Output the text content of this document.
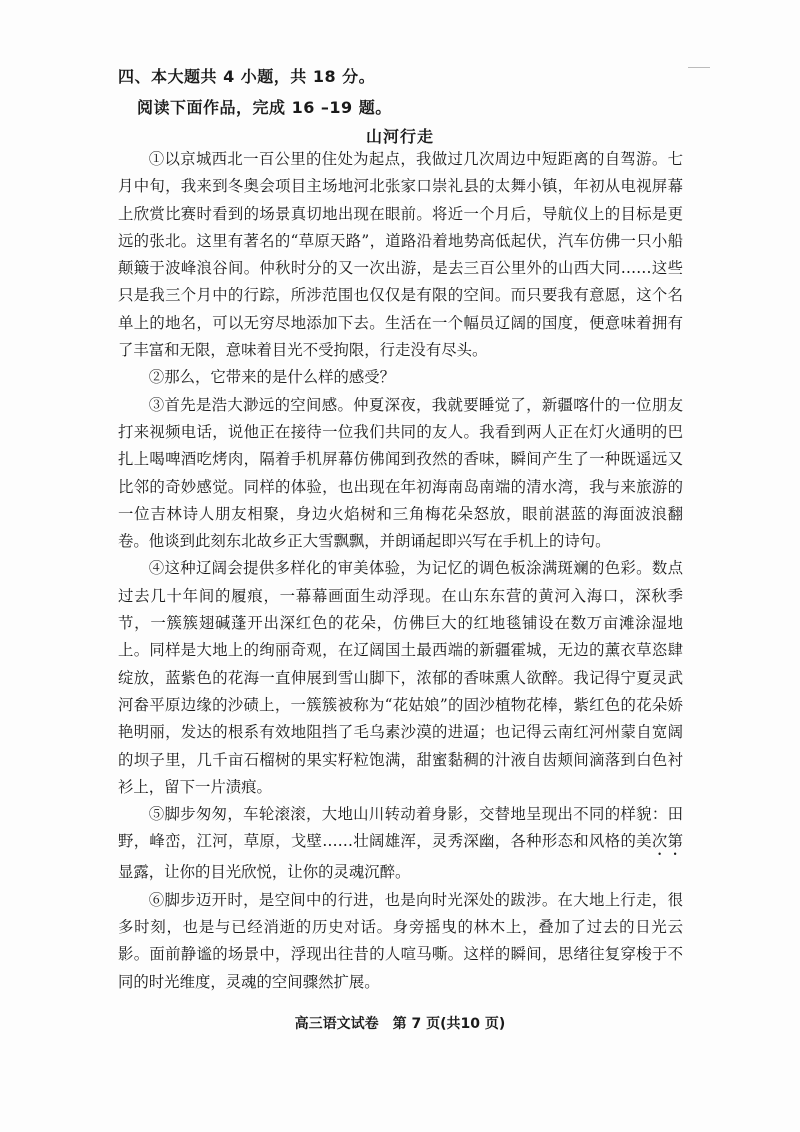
四、本大题共 4 小题，共 18 分。
阅读下面作品，完成 16 –19 题。
山河行走

①以京城西北一百公里的住处为起点，我做过几次周边中短距离的自驾游。七月中旬，我来到冬奥会项目主场地河北张家口崇礼县的太舞小镇，年初从电视屏幕上欣赏比赛时看到的场景真切地出现在眼前。将近一个月后，导航仪上的目标是更远的张北。这里有著名的“草原天路”，道路沿着地势高低起伏，汽车仿佛一只小船颠簸于波峰浪谷间。仲秋时分的又一次出游，是去三百公里外的山西大同……这些只是我三个月中的行踪，所涉范围也仅仅是有限的空间。而只要我有意愿，这个名单上的地名，可以无穷尽地添加下去。生活在一个幅员辽阔的国度，便意味着拥有了丰富和无限，意味着目光不受拘限，行走没有尽头。

②那么，它带来的是什么样的感受？

③首先是浩大渺远的空间感。仲夏深夜，我就要睡觉了，新疆喀什的一位朋友打来视频电话，说他正在接待一位我们共同的友人。我看到两人正在灯火通明的巴扎上喝啤酒吃烤肉，隔着手机屏幕仿佛闻到孜然的香味，瞬间产生了一种既遥远又比邻的奇妙感觉。同样的体验，也出现在年初海南岛南端的清水湾，我与来旅游的一位吉林诗人朋友相聚，身边火焰树和三角梅花朵怒放，眼前湛蓝的海面波浪翻卷。他谈到此刻东北故乡正大雪飘飘，并朗诵起即兴写在手机上的诗句。

④这种辽阔会提供多样化的审美体验，为记忆的调色板涂满斑斓的色彩。数点过去几十年间的履痕，一幕幕画面生动浮现。在山东东营的黄河入海口，深秋季节，一簇簇翅碱蓬开出深红色的花朵，仿佛巨大的红地毯铺设在数万亩滩涂湿地上。同样是大地上的绚丽奇观，在辽阔国土最西端的新疆霍城，无边的薰衣草恣肆绽放，蓝紫色的花海一直伸展到雪山脚下，浓郁的香味熏人欲醉。我记得宁夏灵武河畚平原边缘的沙碛上，一簇簇被称为“花姑娘”的固沙植物花棒，紫红色的花朵娇艳明丽，发达的根系有效地阻挡了毛乌素沙漠的进逼；也记得云南红河州蒙自宽阔的坝子里，几千亩石榴树的果实籽粒饱满，甜蜜黏稠的汁液自齿颊间滴落到白色衬衫上，留下一片渍痕。

⑤脚步匆匆，车轮滚滚，大地山川转动着身影，交替地呈现出不同的样貌：田野，峰峦，江河，草原，戈壁……壮阔雄浑，灵秀深幽，各种形态和风格的美次第显露，让你的目光欣悦，让你的灵魂沉醉。

⑥脚步迈开时，是空间中的行进，也是向时光深处的跋涉。在大地上行走，很多时刻，也是与已经消逝的历史对话。身旁摇曳的林木上，叠加了过去的日光云影。面前静谧的场景中，浮现出往昔的人喧马嘶。这样的瞬间，思绪往复穿梭于不同的时光维度，灵魂的空间骤然扩展。

高三语文试卷　第 7 页(共10 页)
